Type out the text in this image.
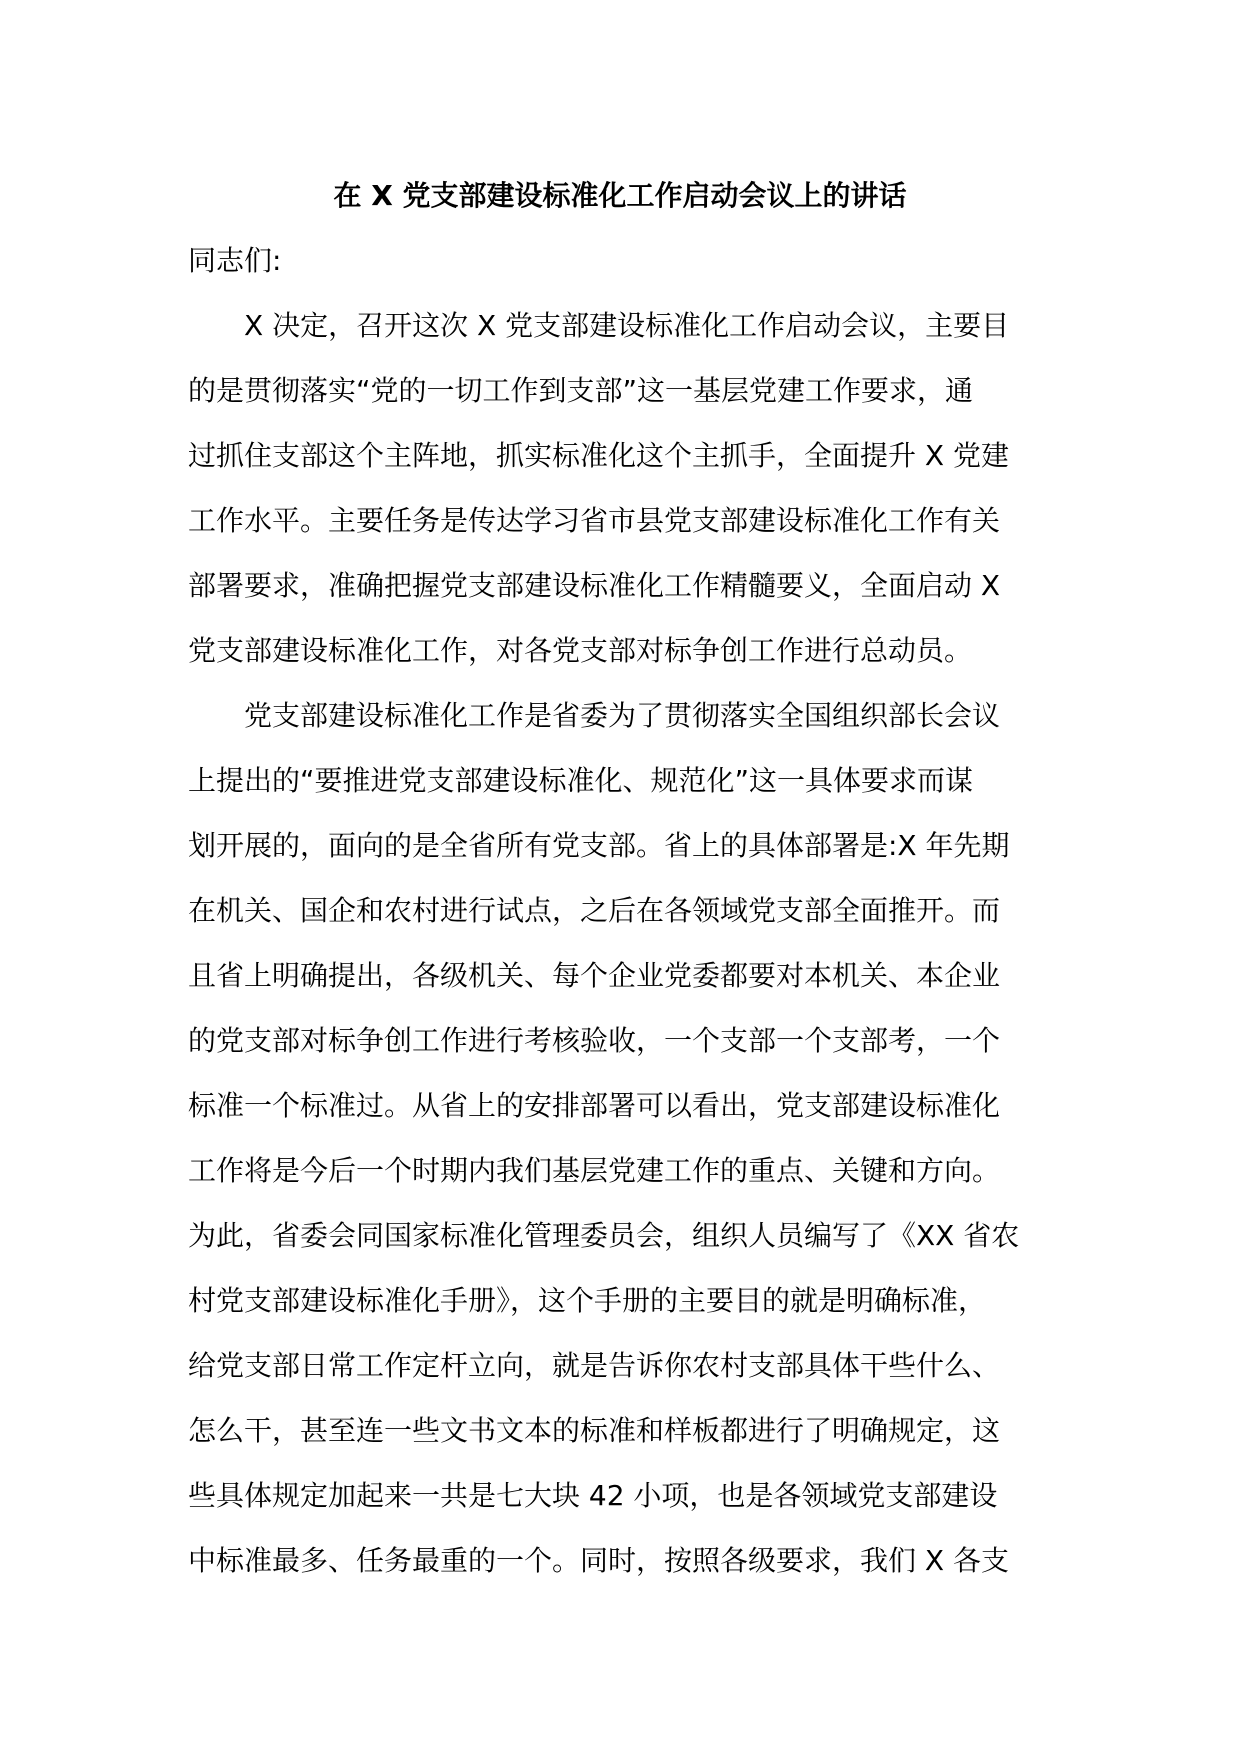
在 X 党支部建设标准化工作启动会议上的讲话
同志们:
X 决定，召开这次 X 党支部建设标准化工作启动会议，主要目
的是贯彻落实“党的一切工作到支部”这一基层党建工作要求，通
过抓住支部这个主阵地，抓实标准化这个主抓手，全面提升 X 党建
工作水平。主要任务是传达学习省市县党支部建设标准化工作有关
部署要求，准确把握党支部建设标准化工作精髓要义，全面启动 X
党支部建设标准化工作，对各党支部对标争创工作进行总动员。
党支部建设标准化工作是省委为了贯彻落实全国组织部长会议
上提出的“要推进党支部建设标准化、规范化”这一具体要求而谋
划开展的，面向的是全省所有党支部。省上的具体部署是:X 年先期
在机关、国企和农村进行试点，之后在各领域党支部全面推开。而
且省上明确提出，各级机关、每个企业党委都要对本机关、本企业
的党支部对标争创工作进行考核验收，一个支部一个支部考，一个
标准一个标准过。从省上的安排部署可以看出，党支部建设标准化
工作将是今后一个时期内我们基层党建工作的重点、关键和方向。
为此，省委会同国家标准化管理委员会，组织人员编写了《XX 省农
村党支部建设标准化手册》，这个手册的主要目的就是明确标准，
给党支部日常工作定杆立向，就是告诉你农村支部具体干些什么、
怎么干，甚至连一些文书文本的标准和样板都进行了明确规定，这
些具体规定加起来一共是七大块 42 小项，也是各领域党支部建设
中标准最多、任务最重的一个。同时，按照各级要求，我们 X 各支
